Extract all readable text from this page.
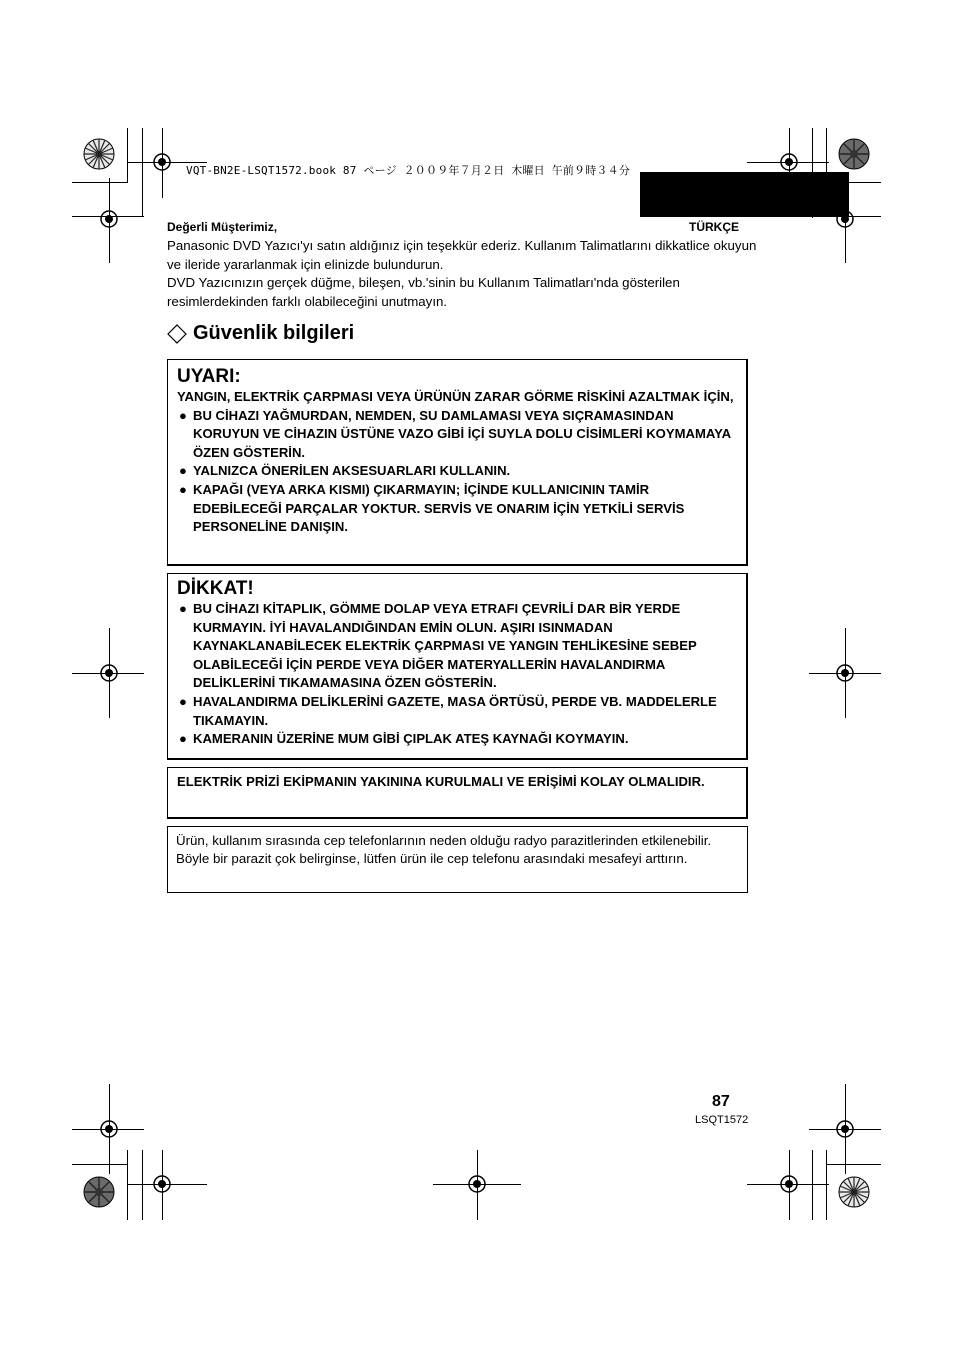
VQT-BN2E-LSQT1572.book 87 ページ ２００９年７月２日 木曜日 午前９時３４分
TÜRKÇE
Değerli Müşterimiz,

Panasonic DVD Yazıcı'yı satın aldığınız için teşekkür ederiz. Kullanım Talimatlarını dikkatlice okuyun ve ileride yararlanmak için elinizde bulundurun.

DVD Yazıcınızın gerçek düğme, bileşen, vb.'sinin bu Kullanım Talimatları'nda gösterilen resimlerdekinden farklı olabileceğini unutmayın.

Güvenlik bilgileri
UYARI:
YANGIN, ELEKTRİK ÇARPMASI VEYA ÜRÜNÜN ZARAR GÖRME RİSKİNİ AZALTMAK İÇİN,
● BU CİHAZI YAĞMURDAN, NEMDEN, SU DAMLAMASI VEYA SIÇRAMASINDAN KORUYUN VE CİHAZIN ÜSTÜNE VAZO GİBİ İÇİ SUYLA DOLU CİSİMLERİ KOYMAMAYA ÖZEN GÖSTERİN.
● YALNIZCA ÖNERİLEN AKSESUARLARI KULLANIN.
● KAPAĞI (VEYA ARKA KISMI) ÇIKARMAYIN; İÇİNDE KULLANICININ TAMİR EDEBİLECEĞİ PARÇALAR YOKTUR. SERVİS VE ONARIM İÇİN YETKİLİ SERVİS PERSONELİNE DANIŞIN.
DİKKAT!
● BU CİHAZI KİTAPLIK, GÖMME DOLAP VEYA ETRAFI ÇEVRİLİ DAR BİR YERDE KURMAYIN. İYİ HAVALANDIĞINDAN EMİN OLUN. AŞIRI ISINMADAN KAYNAKLANABİLECEK ELEKTRİK ÇARPMASI VE YANGIN TEHLİKESİNE SEBEP OLABİLECEĞİ İÇİN PERDE VEYA DİĞER MATERYALLERİN HAVALANDIRMA DELİKLERİNİ TIKAMAMASINA ÖZEN GÖSTERİN.
● HAVALANDIRMA DELİKLERİNİ GAZETE, MASA ÖRTÜSÜ, PERDE VB. MADDELERLE TIKAMAYIN.
● KAMERANIN ÜZERİNE MUM GİBİ ÇIPLAK ATEŞ KAYNAĞI KOYMAYIN.
ELEKTRİK PRİZİ EKİPMANIN YAKININA KURULMALI VE ERİŞİMİ KOLAY OLMALIDIR.
Ürün, kullanım sırasında cep telefonlarının neden olduğu radyo parazitlerinden etkilenebilir. Böyle bir parazit çok belirginse, lütfen ürün ile cep telefonu arasındaki mesafeyi arttırın.
87
LSQT1572
